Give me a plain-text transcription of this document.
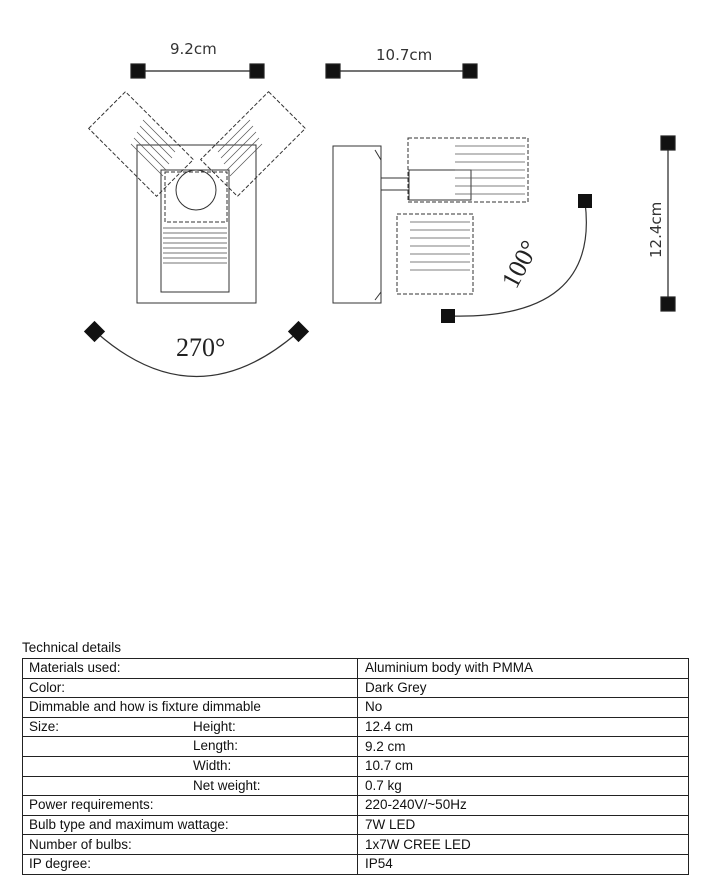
9.2cm	10.7cm
12.4cm
270°
100°
Technical details
Materials used:	Aluminium body with PMMA
Color:	Dark Grey
Dimmable and how is fixture dimmable	No
Size: Height:	12.4 cm

Length:	9.2 cm

Width:	10.7 cm

Net weight:	0.7 kg
Power requirements:	220-240V/~50Hz
Bulb type and maximum wattage:	7W LED
Number of bulbs:	1x7W CREE LED
IP degree:	IP54
